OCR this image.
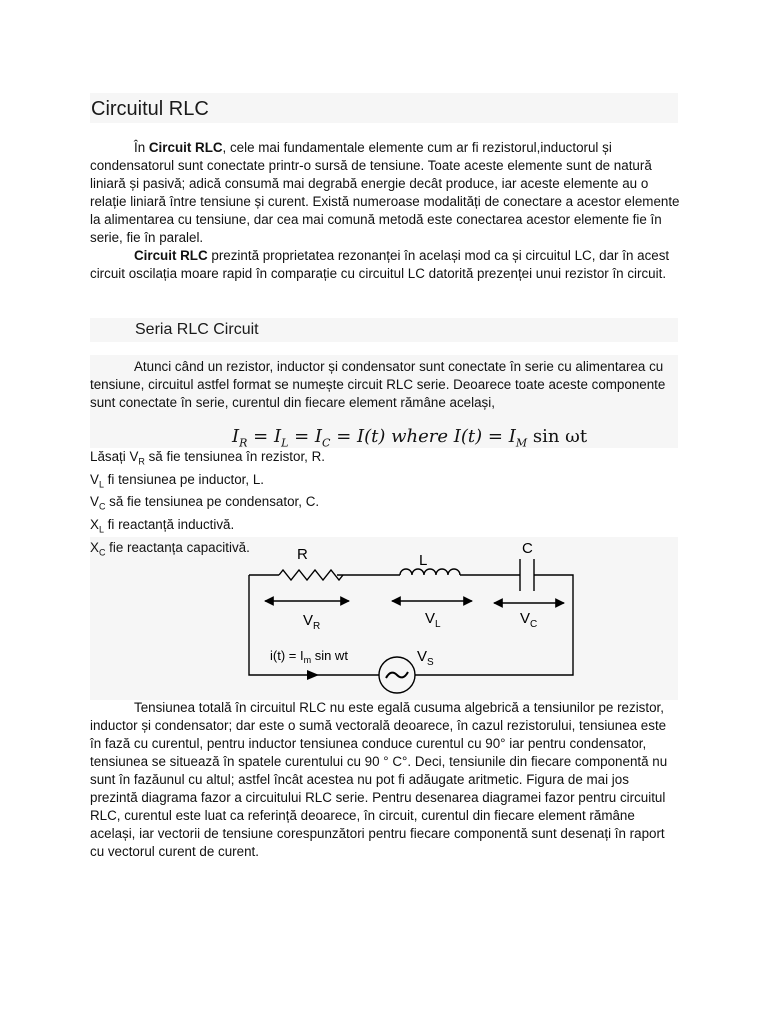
Circuitul RLC

În Circuit RLC, cele mai fundamentale elemente cum ar fi rezistorul,inductorul și condensatorul sunt conectate printr-o sursă de tensiune. Toate aceste elemente sunt de natură liniară și pasivă; adică consumă mai degrabă energie decât produce, iar aceste elemente au o relație liniară între tensiune și curent. Există numeroase modalități de conectare a acestor elemente la alimentarea cu tensiune, dar cea mai comună metodă este conectarea acestor elemente fie în serie, fie în paralel.

Circuit RLC prezintă proprietatea rezonanței în același mod ca și circuitul LC, dar în acest circuit oscilația moare rapid în comparație cu circuitul LC datorită prezenței unui rezistor în circuit.

Seria RLC Circuit

Atunci când un rezistor, inductor și condensator sunt conectate în serie cu alimentarea cu tensiune, circuitul astfel format se numește circuit RLC serie. Deoarece toate aceste componente sunt conectate în serie, curentul din fiecare element rămâne același,

$I_R = I_L = I_C = I(t)$ where $I(t) = I_M$ sin ωt
Lăsați $V_R$ să fie tensiunea în rezistor, R.
$V_L$ fi tensiunea pe inductor, L.
$V_C$ să fie tensiunea pe condensator, C.
$X_L$ fi reactanță inductivă.
$X_C$ fie reactanța capacitivă.	R	L
C
$V_R$	$V_L$	$V_C$
$V_S$
$i(t) = I_m$ sin wt

Tensiunea totală în circuitul RLC nu este egală cusuma algebrică a tensiunilor pe rezistor, inductor și condensator; dar este o sumă vectorală deoarece, în cazul rezistorului, tensiunea este în fază cu curentul, pentru inductor tensiunea conduce curentul cu 90° iar pentru condensator, tensiunea se situează în spatele curentului cu 90 ° C°. Deci, tensiunile din fiecare componentă nu sunt în fazăunul cu altul; astfel încât acestea nu pot fi adăugate aritmetic. Figura de mai jos prezintă diagrama fazor a circuitului RLC serie. Pentru desenarea diagramei fazor pentru circuitul RLC, curentul este luat ca referință deoarece, în circuit, curentul din fiecare element rămâne același, iar vectorii de tensiune corespunzători pentru fiecare componentă sunt desenați în raport cu vectorul curent de curent.
